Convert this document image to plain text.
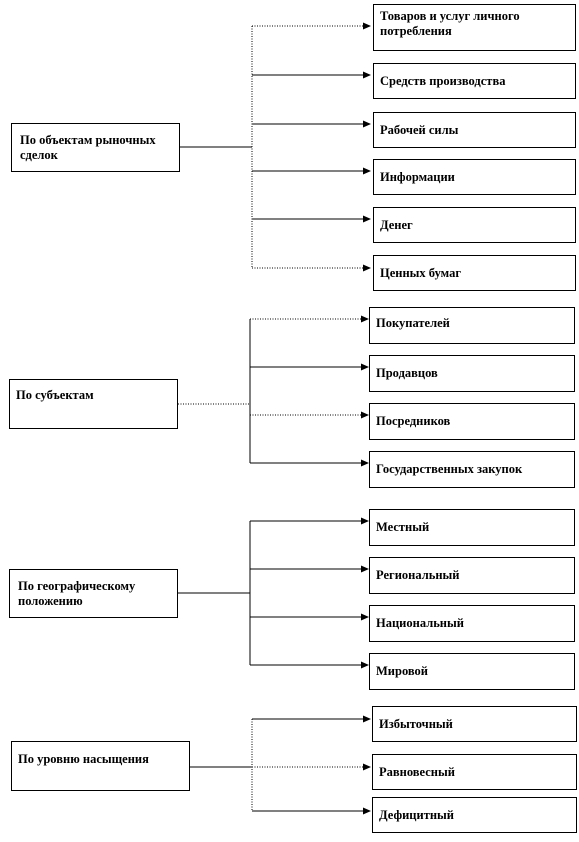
По объектам рыночных сделок
Товаров и услуг личного потребления
Средств производства
Рабочей силы
Информации
Денег
Ценных бумаг
По субъектам
Покупателей
Продавцов
Посредников
Государственных закупок
По географическому положению
Местный
Региональный
Национальный
Мировой
По уровню насыщения
Избыточный
Равновесный
Дефицитный
